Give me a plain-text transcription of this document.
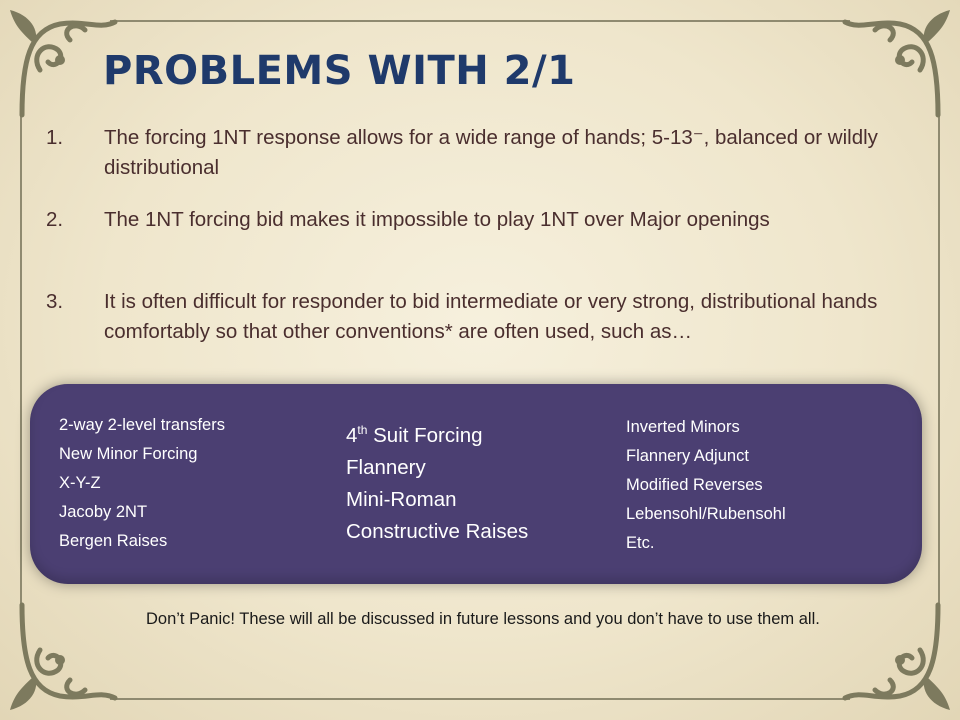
PROBLEMS WITH 2/1
1.	The forcing 1NT response allows for a wide range of hands; 5-13⁻, balanced or wildly distributional
2.	The 1NT forcing bid makes it impossible to play 1NT over Major openings
3.	It is often difficult for responder to bid intermediate or very strong, distributional hands comfortably so that other conventions* are often used, such as…
2-way 2-level transfers
New Minor Forcing
X-Y-Z
Jacoby 2NT
Bergen Raises
4th Suit Forcing
Flannery
Mini-Roman
Constructive Raises
Inverted Minors
Flannery Adjunct
Modified Reverses
Lebensohl/Rubensohl
Etc.
Don’t Panic! These will all be discussed in future lessons and you don’t have to use them all.
